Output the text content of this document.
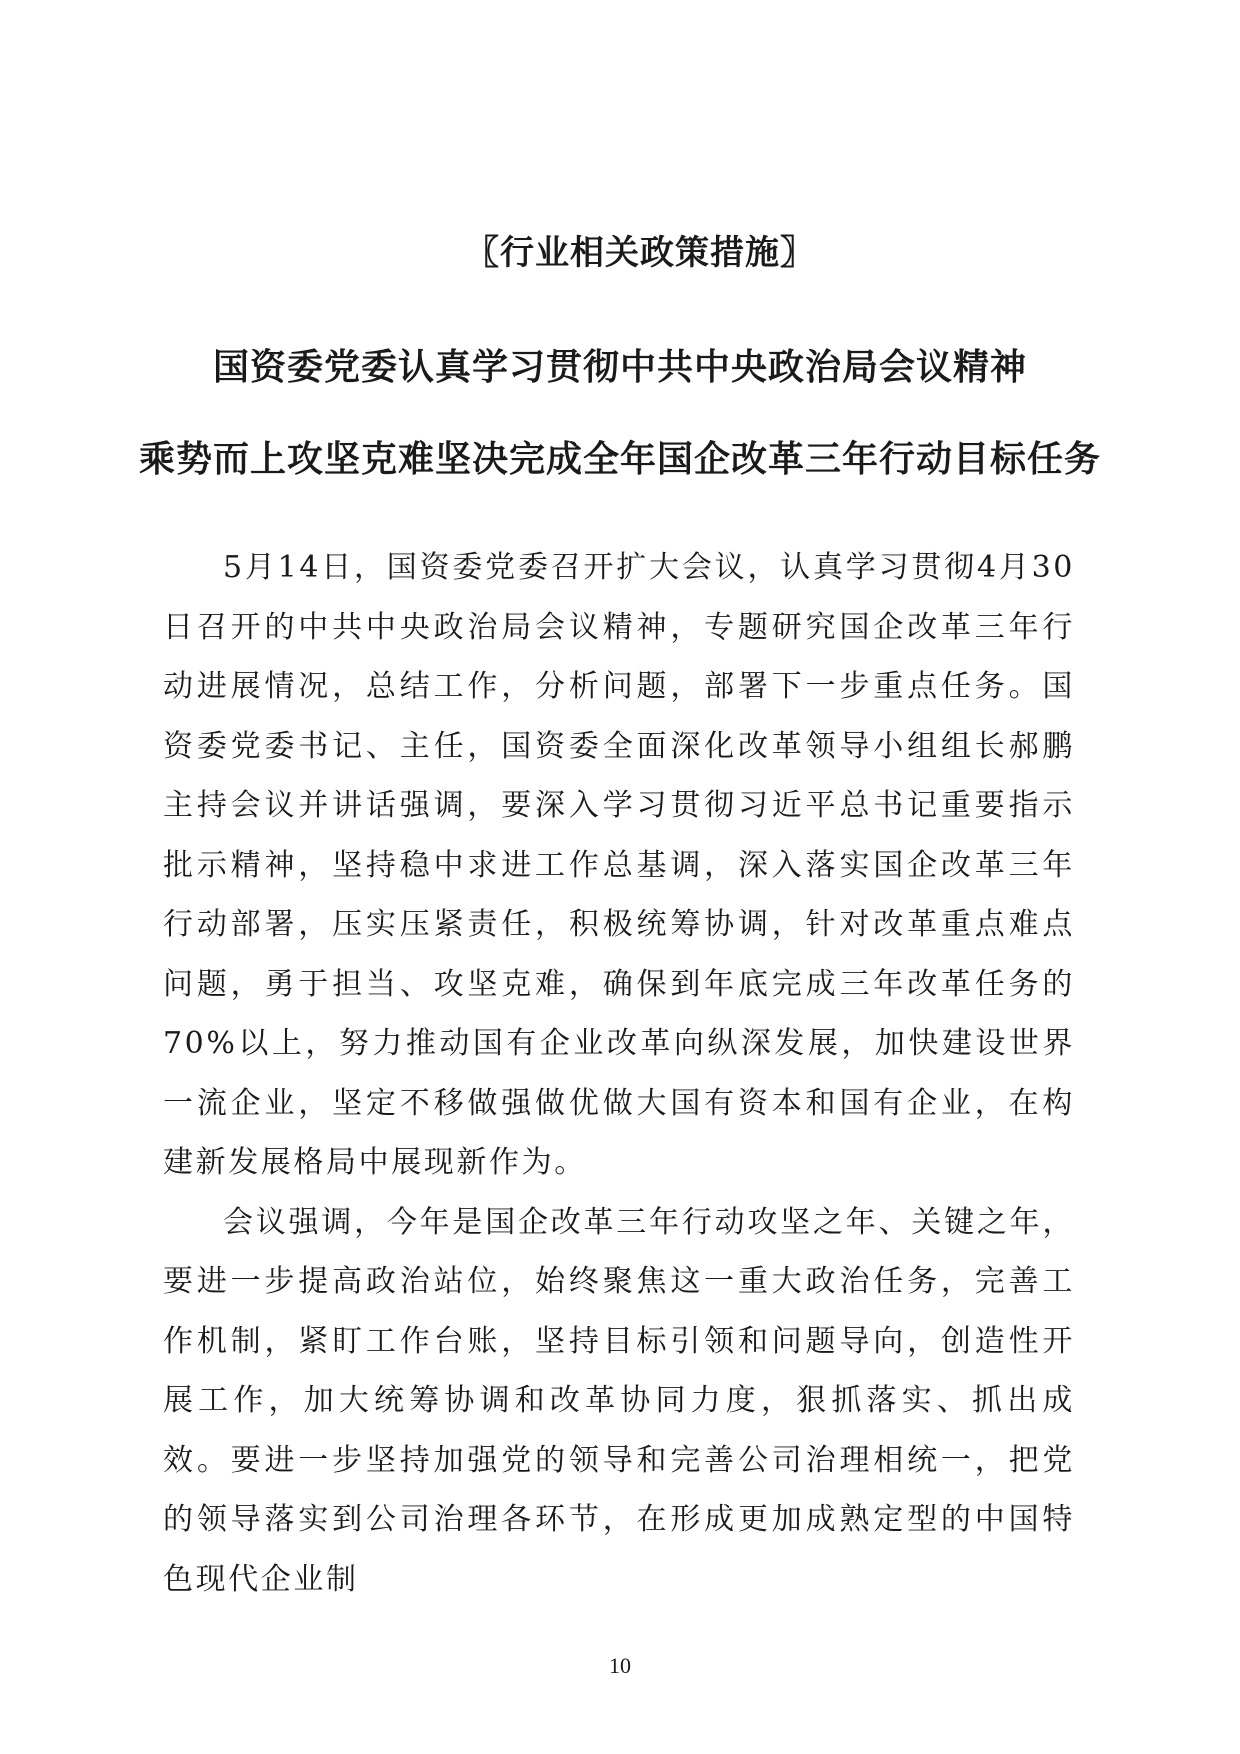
〖行业相关政策措施〗
国资委党委认真学习贯彻中共中央政治局会议精神
乘势而上攻坚克难坚决完成全年国企改革三年行动目标任务

5月14日，国资委党委召开扩大会议，认真学习贯彻4月30日召开的中共中央政治局会议精神，专题研究国企改革三年行动进展情况，总结工作，分析问题，部署下一步重点任务。国资委党委书记、主任，国资委全面深化改革领导小组组长郝鹏主持会议并讲话强调，要深入学习贯彻习近平总书记重要指示批示精神，坚持稳中求进工作总基调，深入落实国企改革三年行动部署，压实压紧责任，积极统筹协调，针对改革重点难点问题，勇于担当、攻坚克难，确保到年底完成三年改革任务的70%以上，努力推动国有企业改革向纵深发展，加快建设世界一流企业，坚定不移做强做优做大国有资本和国有企业，在构建新发展格局中展现新作为。

会议强调，今年是国企改革三年行动攻坚之年、关键之年，要进一步提高政治站位，始终聚焦这一重大政治任务，完善工作机制，紧盯工作台账，坚持目标引领和问题导向，创造性开展工作，加大统筹协调和改革协同力度，狠抓落实、抓出成效。要进一步坚持加强党的领导和完善公司治理相统一，把党的领导落实到公司治理各环节，在形成更加成熟定型的中国特色现代企业制

10
